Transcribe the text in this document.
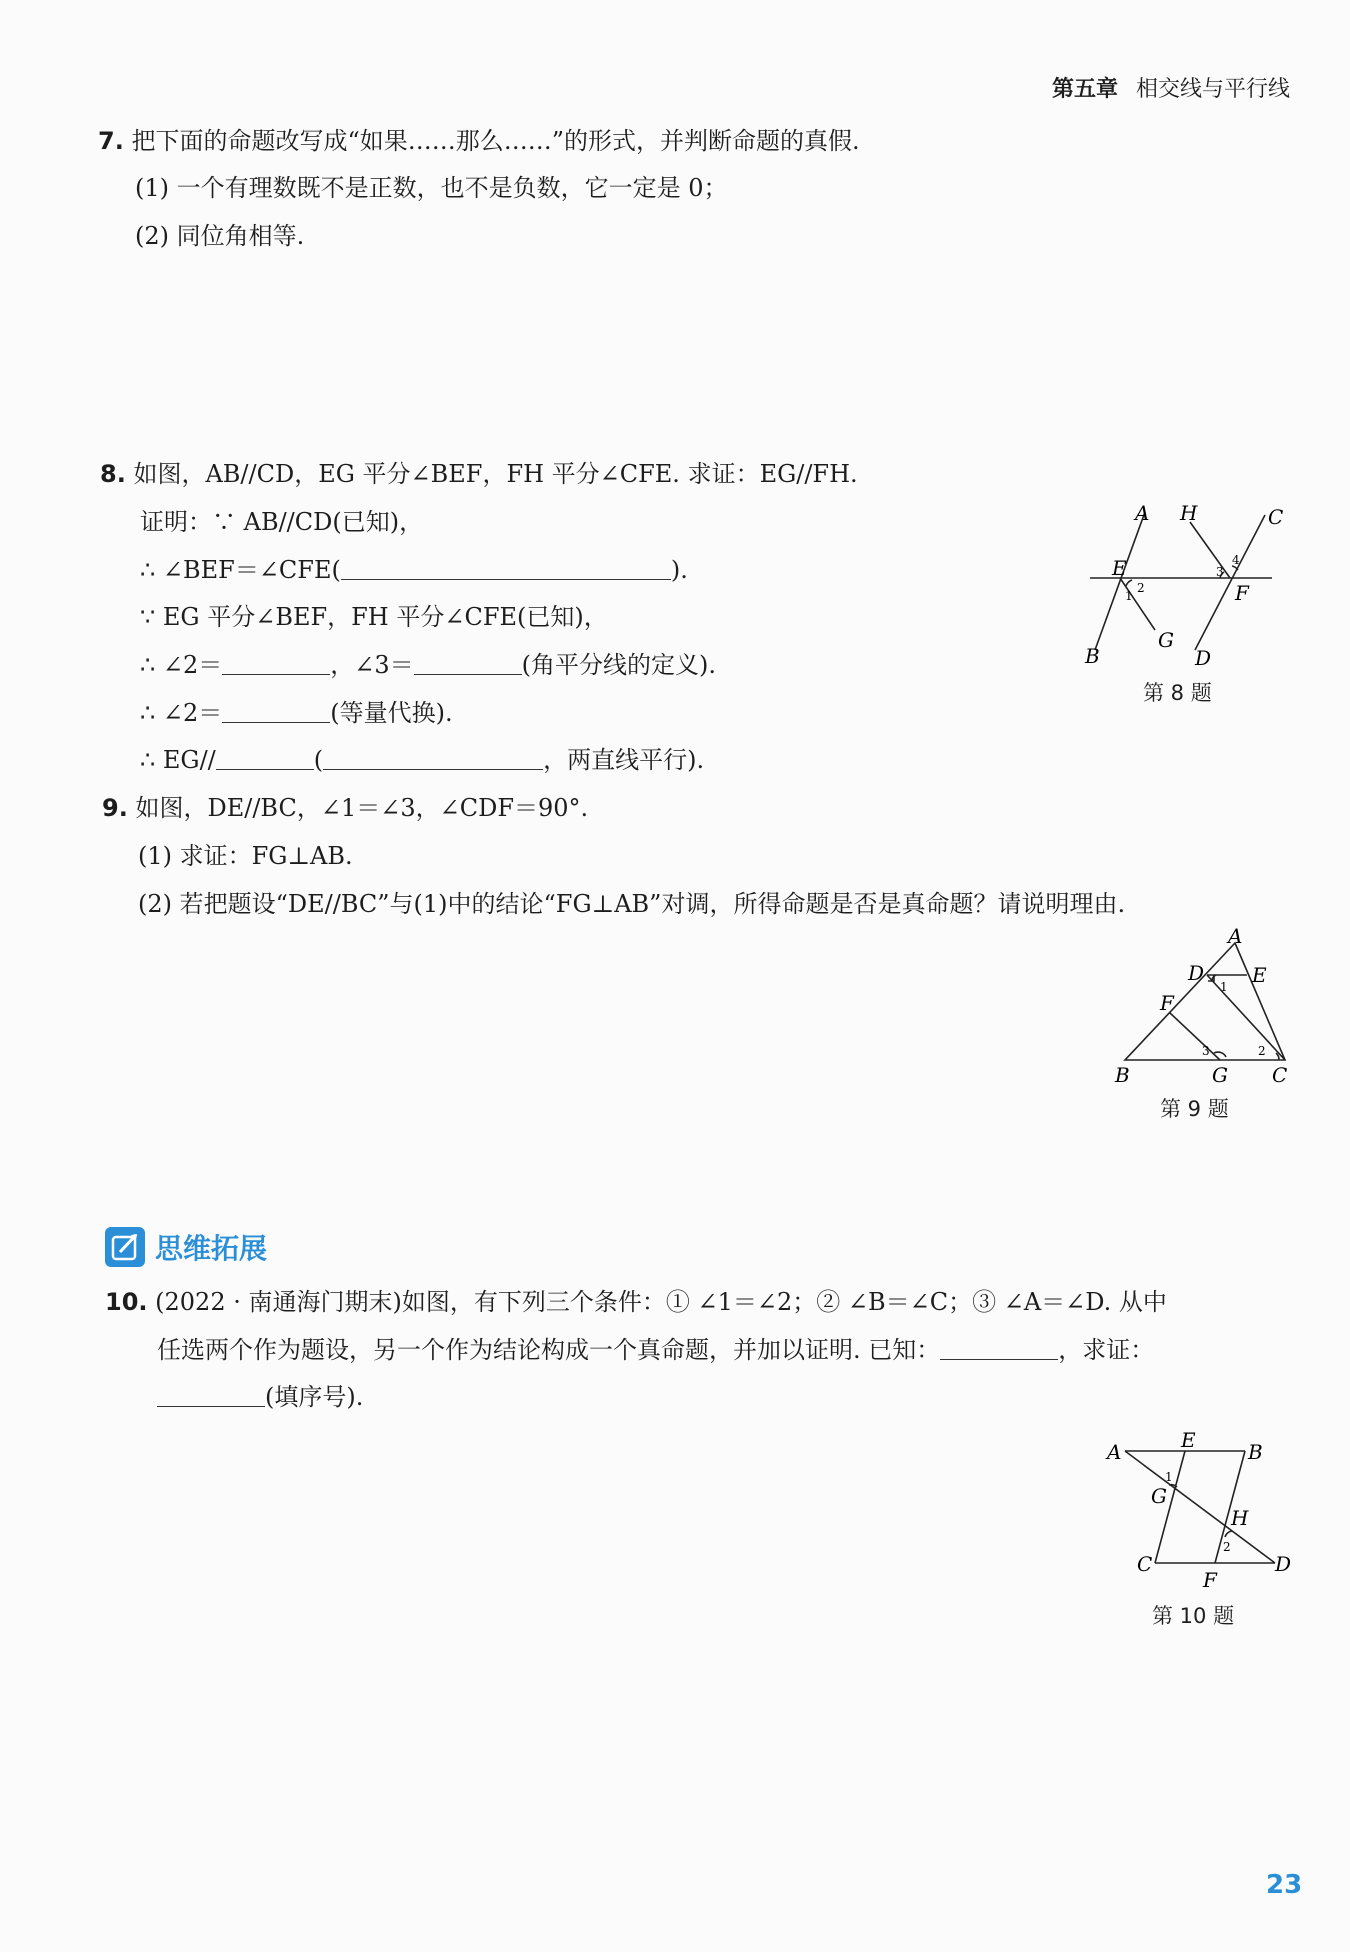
第五章 相交线与平行线
7. 把下面的命题改写成“如果……那么……”的形式，并判断命题的真假.
(1) 一个有理数既不是正数，也不是负数，它一定是 0；
(2) 同位角相等.
8. 如图，AB//CD，EG 平分∠BEF，FH 平分∠CFE. 求证：EG//FH.
证明：∵ AB//CD(已知)，
∴ ∠BEF＝∠CFE(	).
∵ EG 平分∠BEF，FH 平分∠CFE(已知)，
∴ ∠2＝	，∠3＝	(角平分线的定义).
∴ ∠2＝	(等量代换).
∴ EG//	(	，两直线平行).
A H	C
E
F
B
G
D
1
2
3
4
第 8 题
9. 如图，DE//BC，∠1＝∠3，∠CDF＝90°.
(1) 求证：FG⊥AB.
(2) 若把题设“DE//BC”与(1)中的结论“FG⊥AB”对调，所得命题是否是真命题？请说明理由.
A
D E
F
B	G C
1
3	2
第 9 题
思维拓展
10. (2022 · 南通海门期末)如图，有下列三个条件：① ∠1＝∠2；② ∠B＝∠C；③ ∠A＝∠D. 从中
任选两个作为题设，另一个作为结论构成一个真命题，并加以证明. 已知：	，求证：
(填序号).
A	E	B
G
H
C
F
D
1
2
第 10 题
23
